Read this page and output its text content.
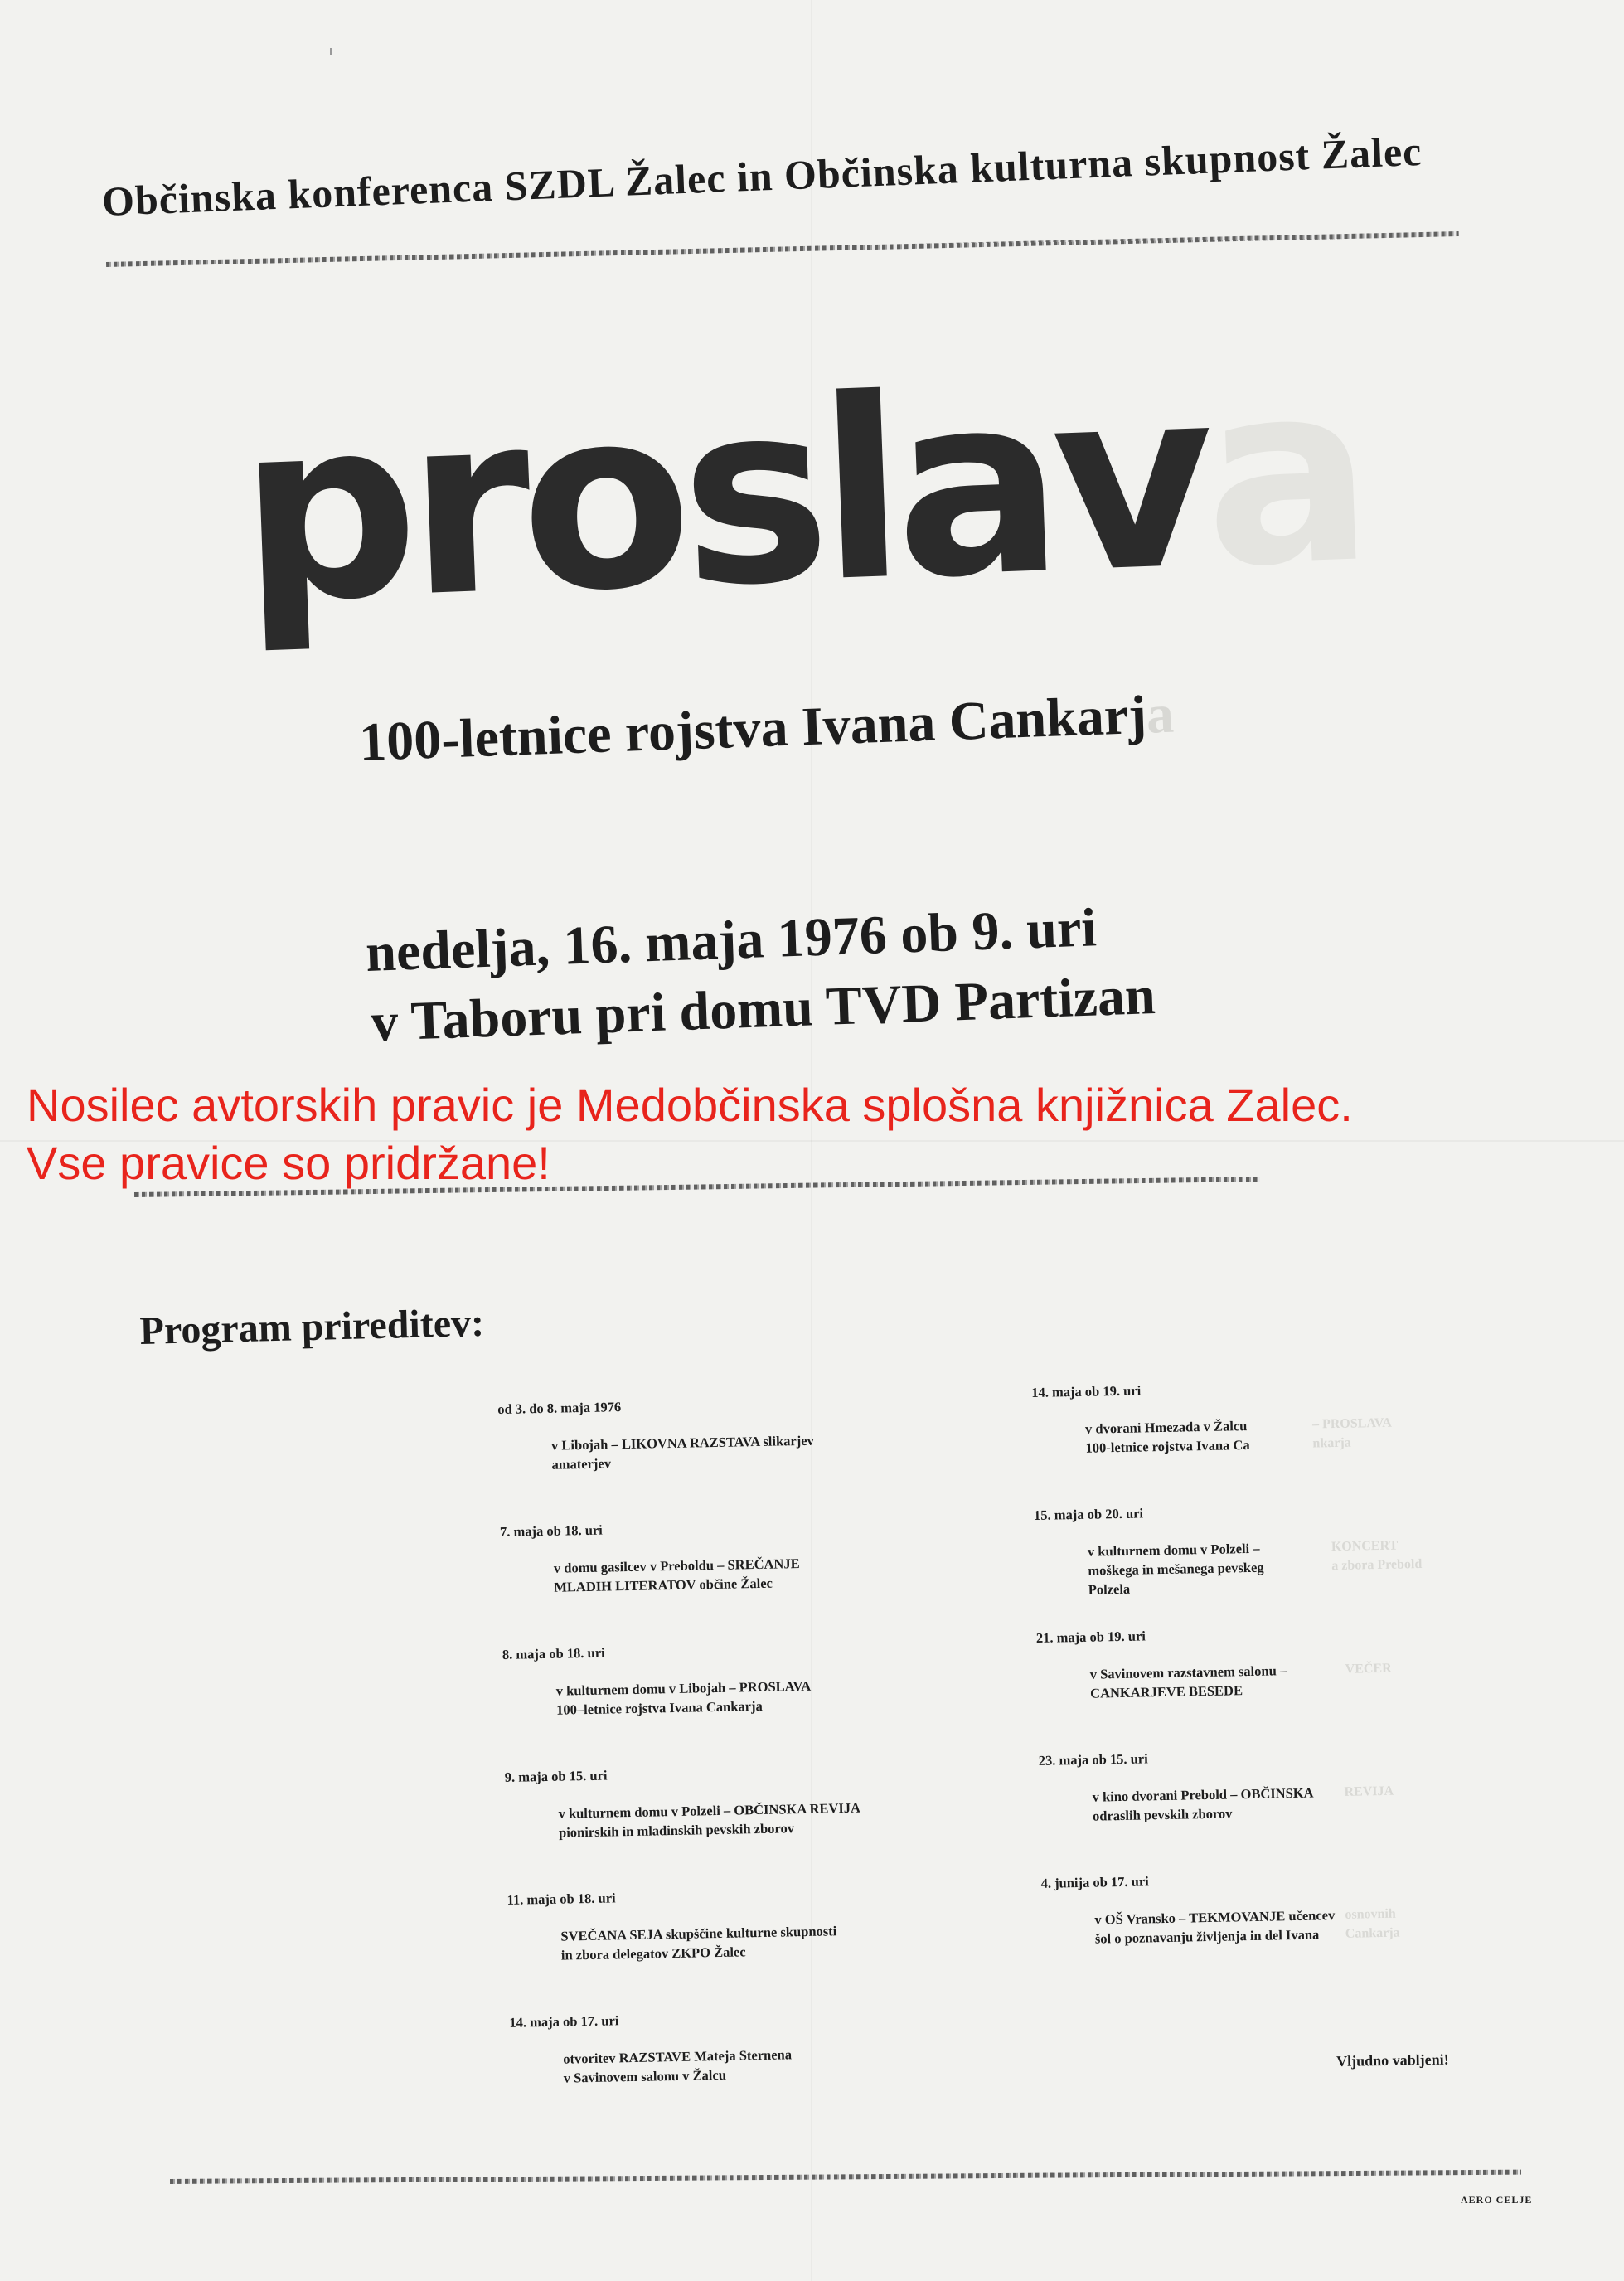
Občinska konferenca SZDL Žalec in Občinska kulturna skupnost Žalec
proslava
100-letnice rojstva Ivana Cankarja
nedelja, 16. maja 1976 ob 9. uri
v Taboru pri domu TVD Partizan
Nosilec avtorskih pravic je Medobčinska splošna knjižnica Zalec.
Vse pravice so pridržane!
Program prireditev:
od 3. do 8. maja 1976
v Libojah – LIKOVNA RAZSTAVA slikarjev
amaterjev
7. maja ob 18. uri
v domu gasilcev v Preboldu – SREČANJE
MLADIH LITERATOV občine Žalec
8. maja ob 18. uri
v kulturnem domu v Libojah – PROSLAVA
100–letnice rojstva Ivana Cankarja
9. maja ob 15. uri
v kulturnem domu v Polzeli – OBČINSKA REVIJA
pionirskih in mladinskih pevskih zborov
11. maja ob 18. uri
SVEČANA SEJA skupščine kulturne skupnosti
in zbora delegatov ZKPO Žalec
14. maja ob 17. uri
otvoritev RAZSTAVE Mateja Sternena
v Savinovem salonu v Žalcu
14. maja ob 19. uri
v dvorani Hmezada v Žalcu
100-letnice rojstva Ivana Ca
– PROSLAVA
nkarja
15. maja ob 20. uri
v kulturnem domu v Polzeli –
moškega in mešanega pevskeg
Polzela
KONCERT
a zbora Prebold
21. maja ob 19. uri
v Savinovem razstavnem salonu –
CANKARJEVE BESEDE
VEČER
23. maja ob 15. uri
v kino dvorani Prebold – OBČINSKA
odraslih pevskih zborov
REVIJA
4. junija ob 17. uri
v OŠ Vransko – TEKMOVANJE učencev
šol o poznavanju življenja in del Ivana
osnovnih
Cankarja
Vljudno vabljeni!
AERO CELJE
